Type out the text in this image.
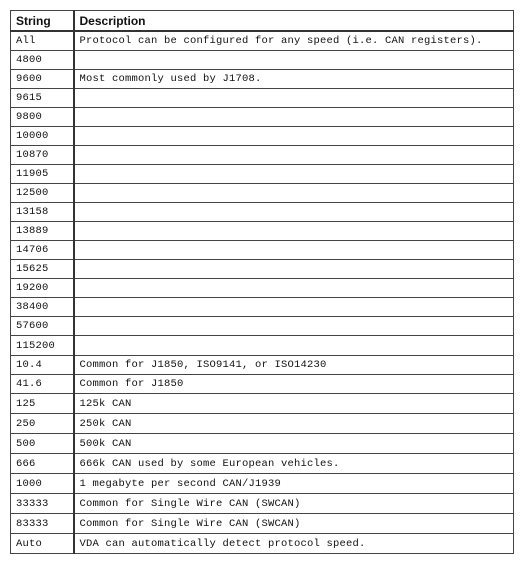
String	Description
All	Protocol can be configured for any speed (i.e. CAN registers).
4800	
9600	Most commonly used by J1708.
9615	
9800	
10000	
10870	
11905	
12500	
13158	
13889	
14706	
15625	
19200	
38400	
57600	
115200	
10.4	Common for J1850, ISO9141, or ISO14230
41.6	Common for J1850
125	125k CAN
250	250k CAN
500	500k CAN
666	666k CAN used by some European vehicles.
1000	1 megabyte per second CAN/J1939
33333	Common for Single Wire CAN (SWCAN)
83333	Common for Single Wire CAN (SWCAN)
Auto	VDA can automatically detect protocol speed.
